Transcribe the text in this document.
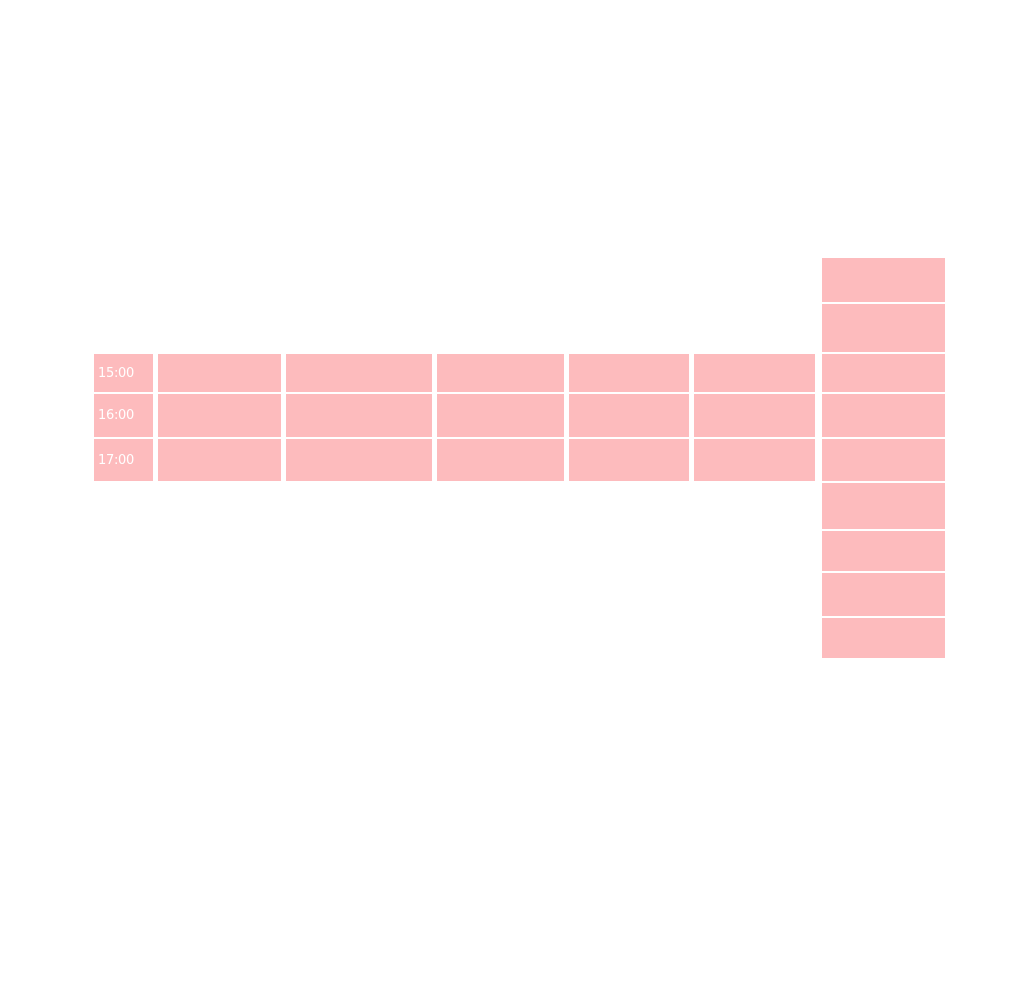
15:00
16:00
17:00
